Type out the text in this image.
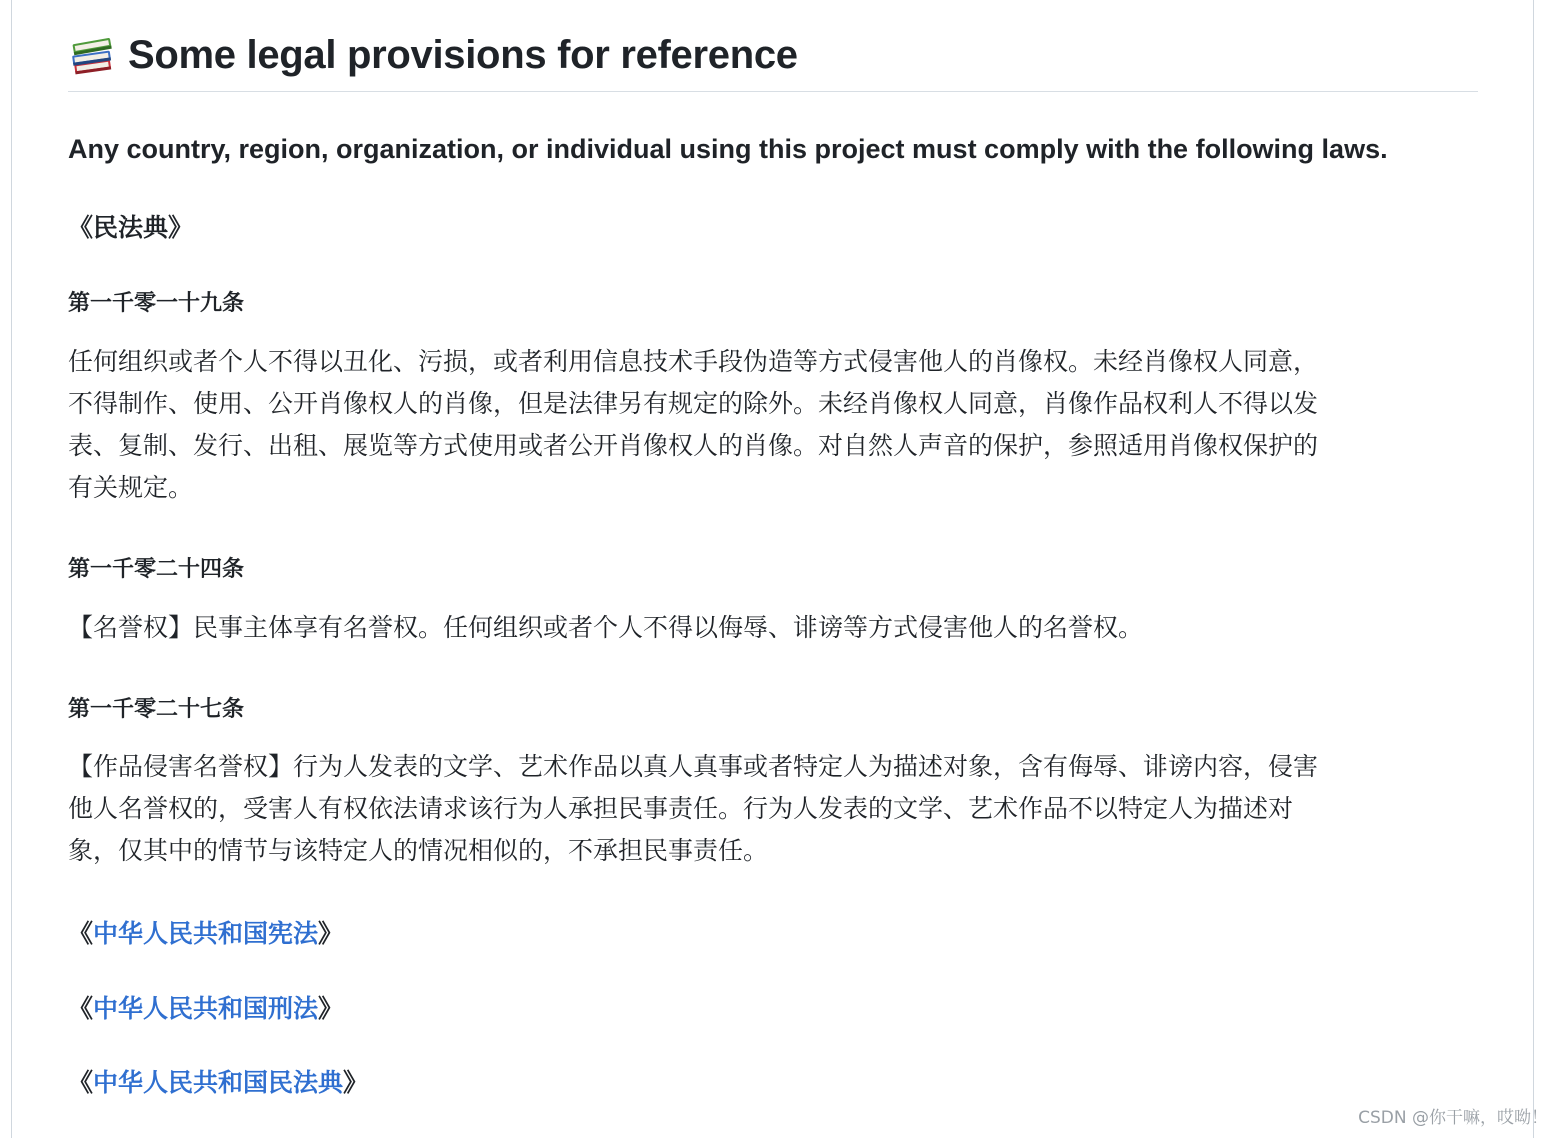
Some legal provisions for reference
Any country, region, organization, or individual using this project must comply with the following laws.
《民法典》
第一千零一十九条
任何组织或者个人不得以丑化、污损，或者利用信息技术手段伪造等方式侵害他人的肖像权。未经肖像权人同意，
不得制作、使用、公开肖像权人的肖像，但是法律另有规定的除外。未经肖像权人同意，肖像作品权利人不得以发
表、复制、发行、出租、展览等方式使用或者公开肖像权人的肖像。对自然人声音的保护，参照适用肖像权保护的
有关规定。
第一千零二十四条
【名誉权】民事主体享有名誉权。任何组织或者个人不得以侮辱、诽谤等方式侵害他人的名誉权。
第一千零二十七条
【作品侵害名誉权】行为人发表的文学、艺术作品以真人真事或者特定人为描述对象，含有侮辱、诽谤内容，侵害
他人名誉权的，受害人有权依法请求该行为人承担民事责任。行为人发表的文学、艺术作品不以特定人为描述对
象，仅其中的情节与该特定人的情况相似的，不承担民事责任。
《中华人民共和国宪法》
《中华人民共和国刑法》
《中华人民共和国民法典》
CSDN @你干嘛，哎呦！
